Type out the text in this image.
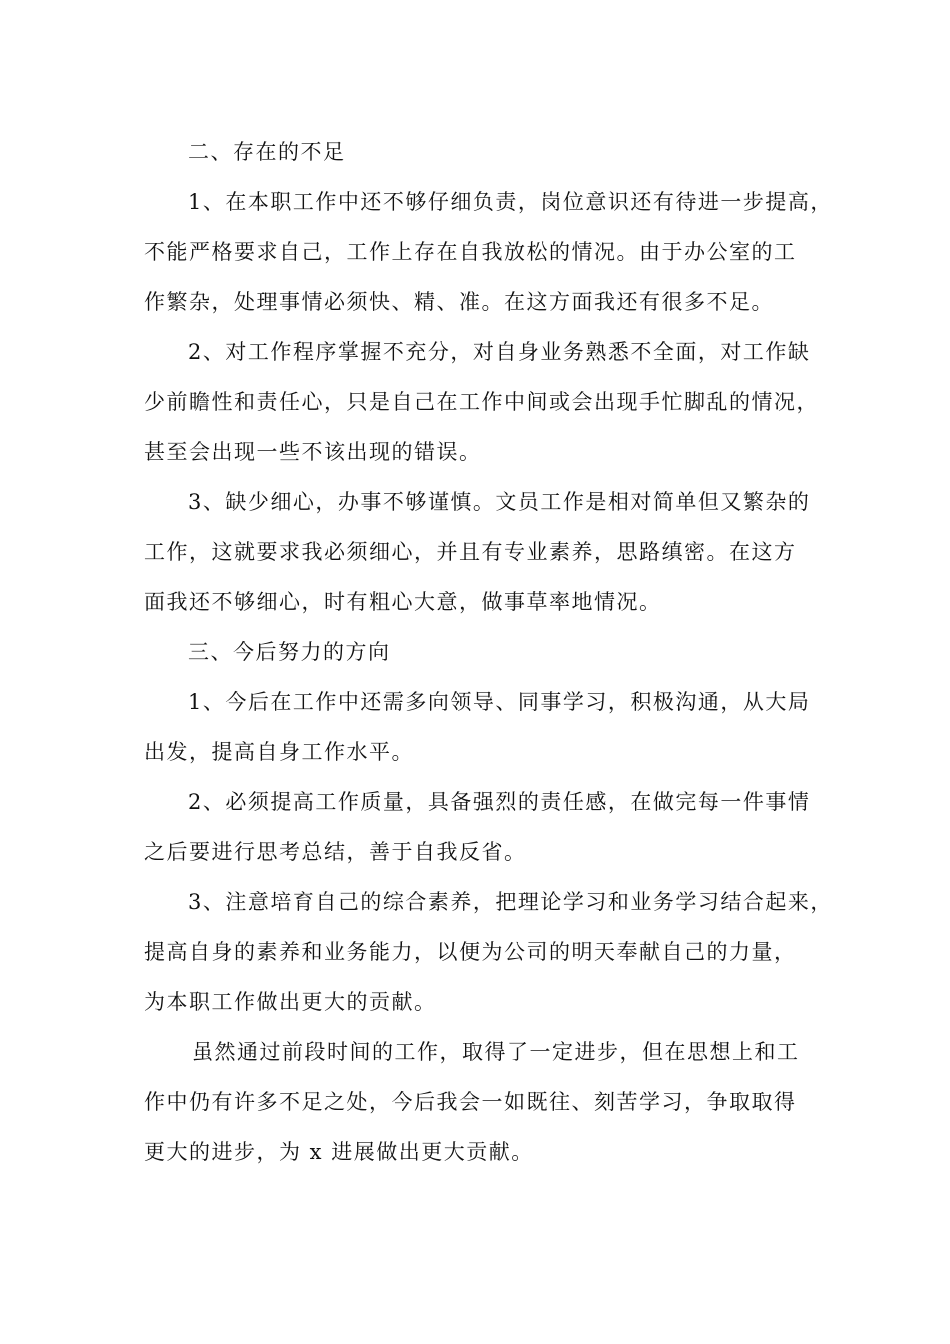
二、存在的不足
1、在本职工作中还不够仔细负责，岗位意识还有待进一步提高，
不能严格要求自己，工作上存在自我放松的情况。由于办公室的工
作繁杂，处理事情必须快、精、准。在这方面我还有很多不足。
2、对工作程序掌握不充分，对自身业务熟悉不全面，对工作缺
少前瞻性和责任心，只是自己在工作中间或会出现手忙脚乱的情况，
甚至会出现一些不该出现的错误。
3、缺少细心，办事不够谨慎。文员工作是相对简单但又繁杂的
工作，这就要求我必须细心，并且有专业素养，思路缜密。在这方
面我还不够细心，时有粗心大意，做事草率地情况。
三、今后努力的方向
1、今后在工作中还需多向领导、同事学习，积极沟通，从大局
出发，提高自身工作水平。
2、必须提高工作质量，具备强烈的责任感，在做完每一件事情
之后要进行思考总结，善于自我反省。
3、注意培育自己的综合素养，把理论学习和业务学习结合起来，
提高自身的素养和业务能力，以便为公司的明天奉献自己的力量，
为本职工作做出更大的贡献。
虽然通过前段时间的工作，取得了一定进步，但在思想上和工
作中仍有许多不足之处，今后我会一如既往、刻苦学习，争取取得
更大的进步，为 x 进展做出更大贡献。
